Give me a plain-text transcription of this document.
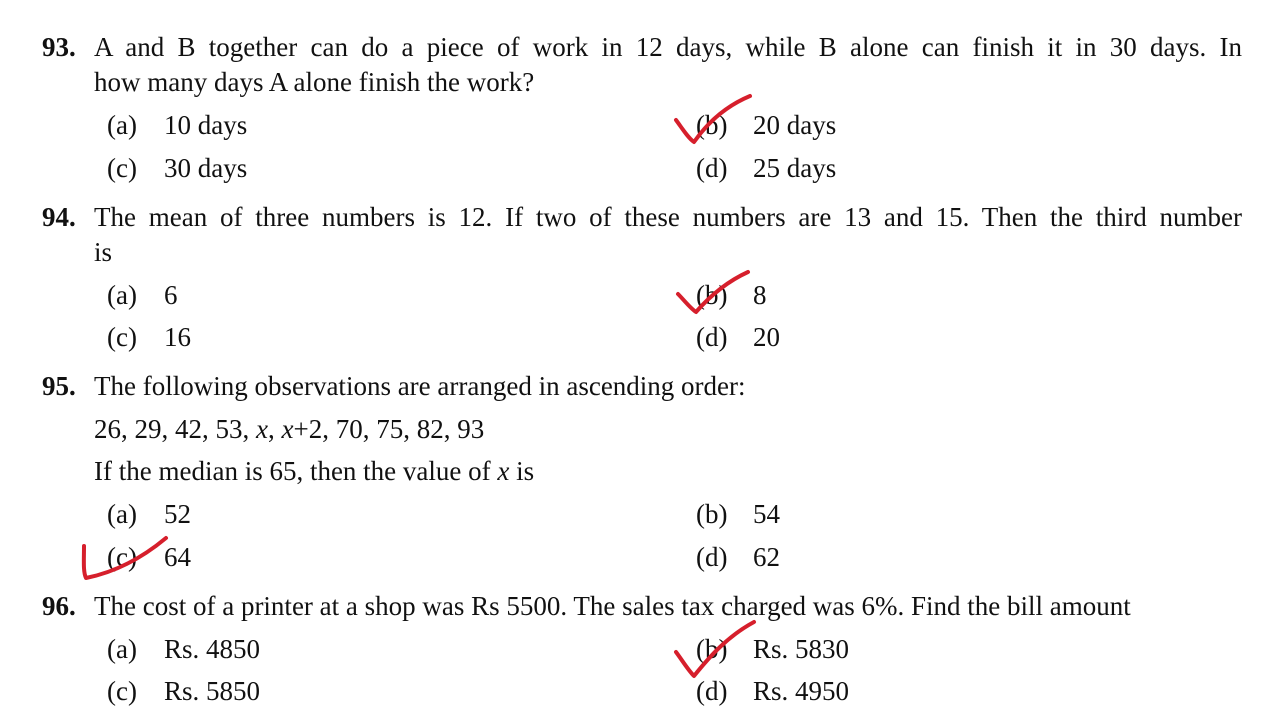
93. A and B together can do a piece of work in 12 days, while B alone can finish it in 30 days. In
how many days A alone finish the work?
(a) 10 days	(b) 20 days
(c) 30 days	(d) 25 days
94. The mean of three numbers is 12. If two of these numbers are 13 and 15. Then the third number
is
(a) 6	(b) 8
(c) 16	(d) 20
95. The following observations are arranged in ascending order:
26, 29, 42, 53, x, x+2, 70, 75, 82, 93
If the median is 65, then the value of x is
(a) 52	(b) 54
(c) 64	(d) 62
96. The cost of a printer at a shop was Rs 5500. The sales tax charged was 6%. Find the bill amount
(a) Rs. 4850	(b) Rs. 5830
(c) Rs. 5850	(d) Rs. 4950
